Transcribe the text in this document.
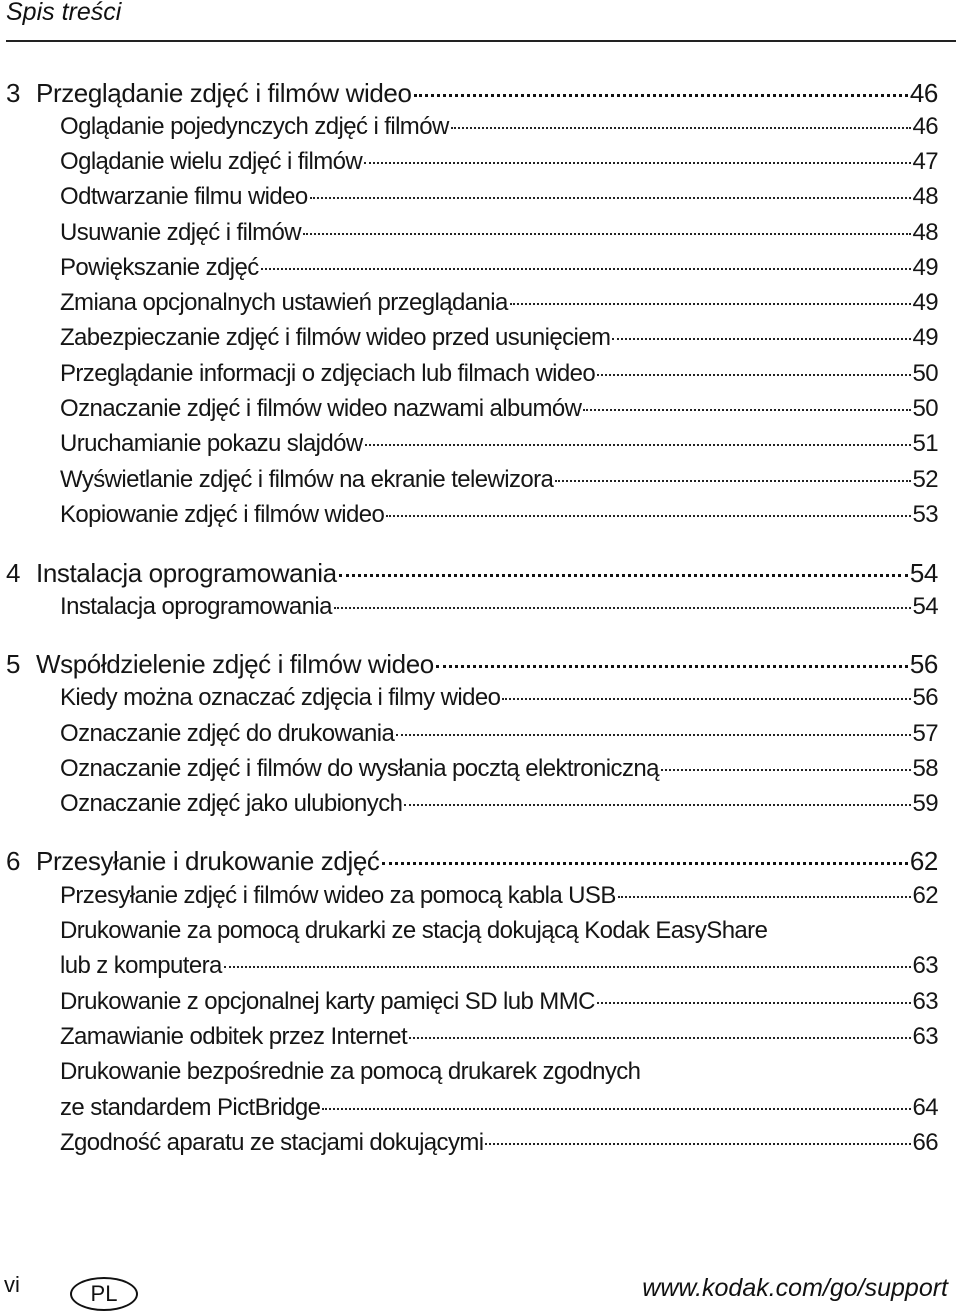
Spis treści
3 Przeglądanie zdjęć i filmów wideo	46
Oglądanie pojedynczych zdjęć i filmów	46
Oglądanie wielu zdjęć i filmów	47
Odtwarzanie filmu wideo	48
Usuwanie zdjęć i filmów	48
Powiększanie zdjęć	49
Zmiana opcjonalnych ustawień przeglądania	49
Zabezpieczanie zdjęć i filmów wideo przed usunięciem	49
Przeglądanie informacji o zdjęciach lub filmach wideo	50
Oznaczanie zdjęć i filmów wideo nazwami albumów	50
Uruchamianie pokazu slajdów	51
Wyświetlanie zdjęć i filmów na ekranie telewizora	52
Kopiowanie zdjęć i filmów wideo	53
4 Instalacja oprogramowania	54
Instalacja oprogramowania	54
5 Współdzielenie zdjęć i filmów wideo	56
Kiedy można oznaczać zdjęcia i filmy wideo	56
Oznaczanie zdjęć do drukowania	57
Oznaczanie zdjęć i filmów do wysłania pocztą elektroniczną	58
Oznaczanie zdjęć jako ulubionych	59
6 Przesyłanie i drukowanie zdjęć	62
Przesyłanie zdjęć i filmów wideo za pomocą kabla USB	62
Drukowanie za pomocą drukarki ze stacją dokującą Kodak EasyShare
lub z komputera	63
Drukowanie z opcjonalnej karty pamięci SD lub MMC	63
Zamawianie odbitek przez Internet	63
Drukowanie bezpośrednie za pomocą drukarek zgodnych
ze standardem PictBridge	64
Zgodność aparatu ze stacjami dokującymi	66
vi	PL	www.kodak.com/go/support
